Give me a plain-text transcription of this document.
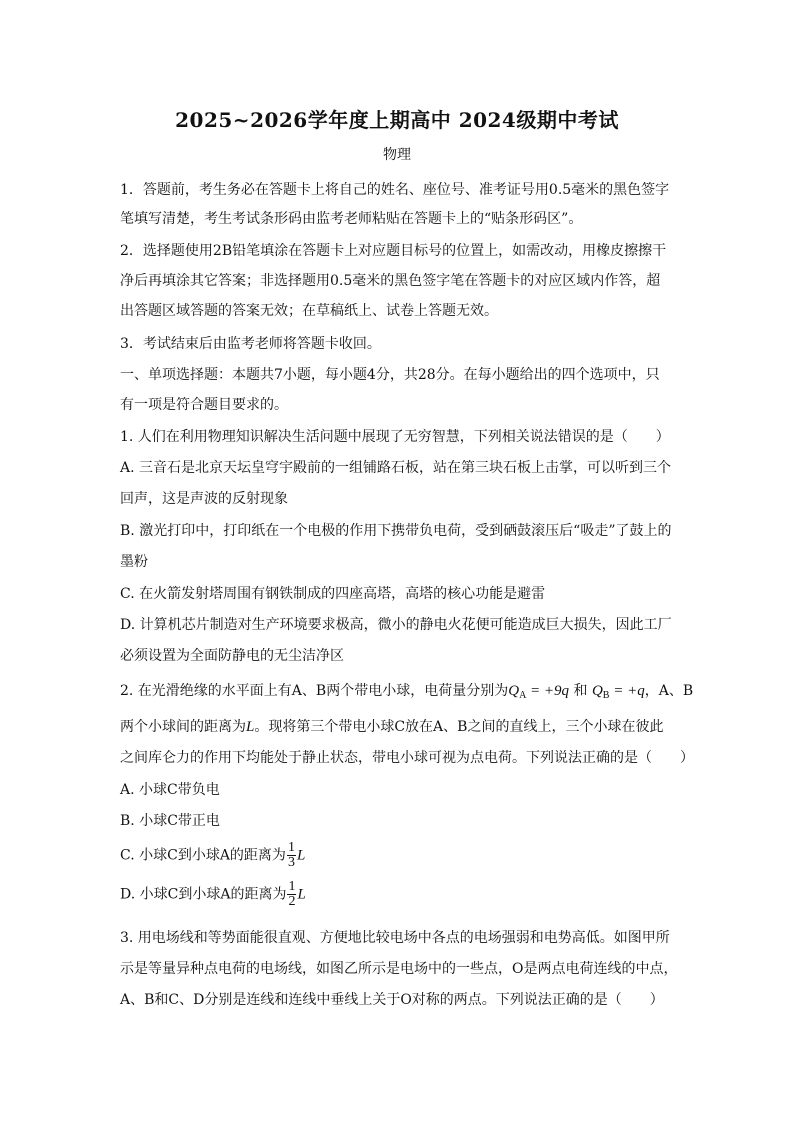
2025~2026学年度上期高中 2024级期中考试
物理
1．答题前，考生务必在答题卡上将自己的姓名、座位号、准考证号用0.5毫米的黑色签字
笔填写清楚，考生考试条形码由监考老师粘贴在答题卡上的“贴条形码区”。
2．选择题使用2B铅笔填涂在答题卡上对应题目标号的位置上，如需改动，用橡皮擦擦干
净后再填涂其它答案；非选择题用0.5毫米的黑色签字笔在答题卡的对应区域内作答，超
出答题区域答题的答案无效；在草稿纸上、试卷上答题无效。
3．考试结束后由监考老师将答题卡收回。
一、单项选择题：本题共7小题，每小题4分，共28分。在每小题给出的四个选项中，只
有一项是符合题目要求的。
1. 人们在利用物理知识解决生活问题中展现了无穷智慧，下列相关说法错误的是（　　）
A. 三音石是北京天坛皇穹宇殿前的一组铺路石板，站在第三块石板上击掌，可以听到三个
回声，这是声波的反射现象
B. 激光打印中，打印纸在一个电极的作用下携带负电荷，受到硒鼓滚压后“吸走”了鼓上的
墨粉
C. 在火箭发射塔周围有钢铁制成的四座高塔，高塔的核心功能是避雷
D. 计算机芯片制造对生产环境要求极高，微小的静电火花便可能造成巨大损失，因此工厂
必须设置为全面防静电的无尘洁净区
2. 在光滑绝缘的水平面上有A、B两个带电小球，电荷量分别为$Q_A = +9q$ 和 $Q_B = +q$，A、B
两个小球间的距离为L。现将第三个带电小球C放在A、B之间的直线上，三个小球在彼此
之间库仑力的作用下均能处于静止状态，带电小球可视为点电荷。下列说法正确的是（　　）
A. 小球C带负电
B. 小球C带正电
C. 小球C到小球A的距离为 $\frac{1}{3}$ L
D. 小球C到小球A的距离为 $\frac{1}{2}$ L
3. 用电场线和等势面能很直观、方便地比较电场中各点的电场强弱和电势高低。如图甲所
示是等量异种点电荷的电场线，如图乙所示是电场中的一些点，O是两点电荷连线的中点，
A、B和C、D分别是连线和连线中垂线上关于O对称的两点。下列说法正确的是（　　）
